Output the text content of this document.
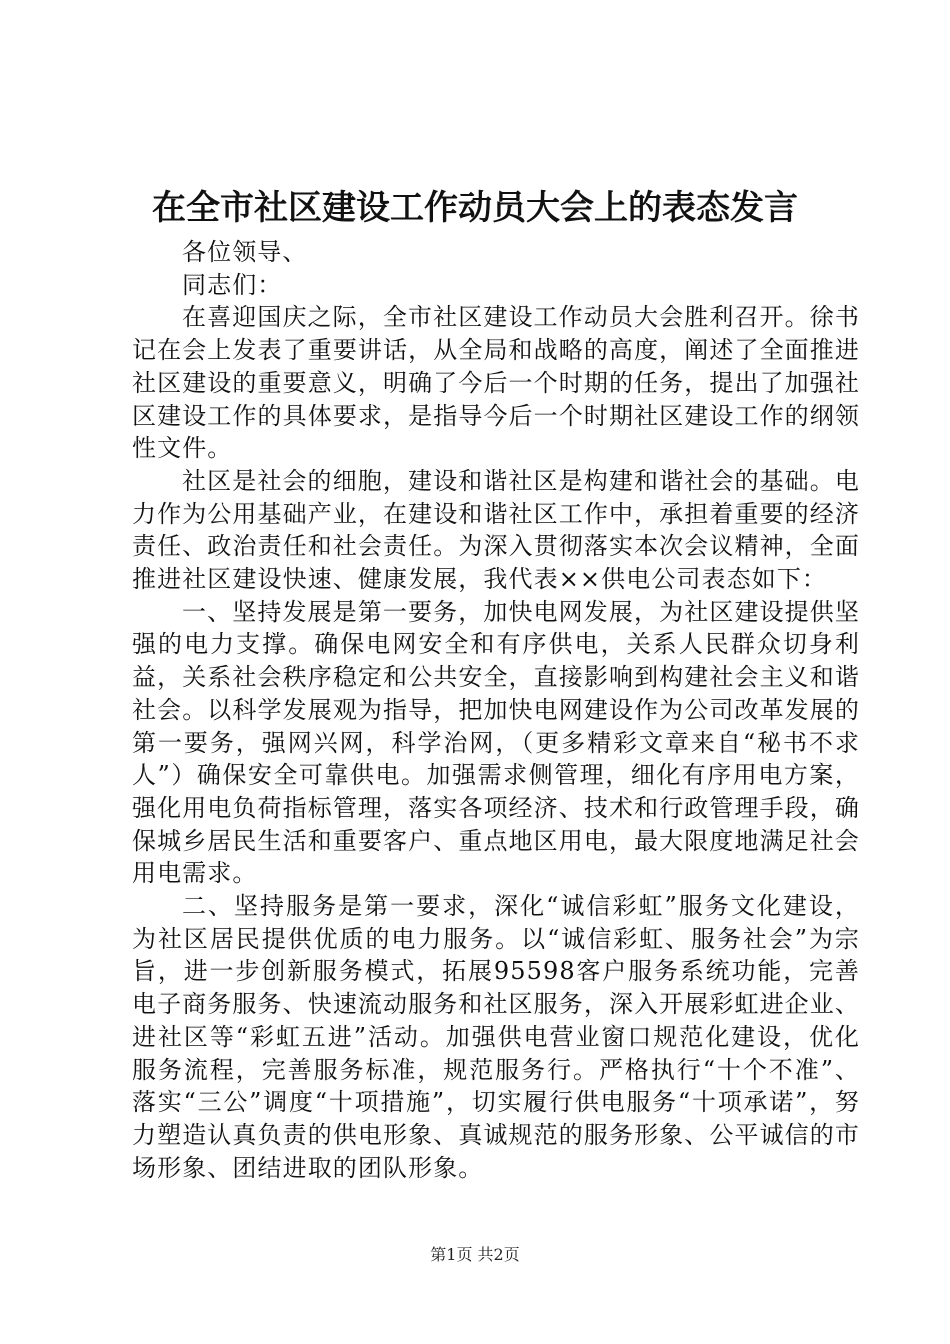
在全市社区建设工作动员大会上的表态发言

各位领导、

同志们：

在喜迎国庆之际，全市社区建设工作动员大会胜利召开。徐书记在会上发表了重要讲话，从全局和战略的高度，阐述了全面推进社区建设的重要意义，明确了今后一个时期的任务，提出了加强社区建设工作的具体要求，是指导今后一个时期社区建设工作的纲领性文件。

社区是社会的细胞，建设和谐社区是构建和谐社会的基础。电力作为公用基础产业，在建设和谐社区工作中，承担着重要的经济责任、政治责任和社会责任。为深入贯彻落实本次会议精神，全面推进社区建设快速、健康发展，我代表××供电公司表态如下：

一、坚持发展是第一要务，加快电网发展，为社区建设提供坚强的电力支撑。确保电网安全和有序供电，关系人民群众切身利益，关系社会秩序稳定和公共安全，直接影响到构建社会主义和谐社会。以科学发展观为指导，把加快电网建设作为公司改革发展的第一要务，强网兴网，科学治网，（更多精彩文章来自“秘书不求人”）确保安全可靠供电。加强需求侧管理，细化有序用电方案，强化用电负荷指标管理，落实各项经济、技术和行政管理手段，确保城乡居民生活和重要客户、重点地区用电，最大限度地满足社会用电需求。

二、坚持服务是第一要求，深化“诚信彩虹”服务文化建设，为社区居民提供优质的电力服务。以“诚信彩虹、服务社会”为宗旨，进一步创新服务模式，拓展95598客户服务系统功能，完善电子商务服务、快速流动服务和社区服务，深入开展彩虹进企业、进社区等“彩虹五进”活动。加强供电营业窗口规范化建设，优化服务流程，完善服务标准，规范服务行。严格执行“十个不准”、落实“三公”调度“十项措施”，切实履行供电服务“十项承诺”，努力塑造认真负责的供电形象、真诚规范的服务形象、公平诚信的市场形象、团结进取的团队形象。

第1页 共2页
